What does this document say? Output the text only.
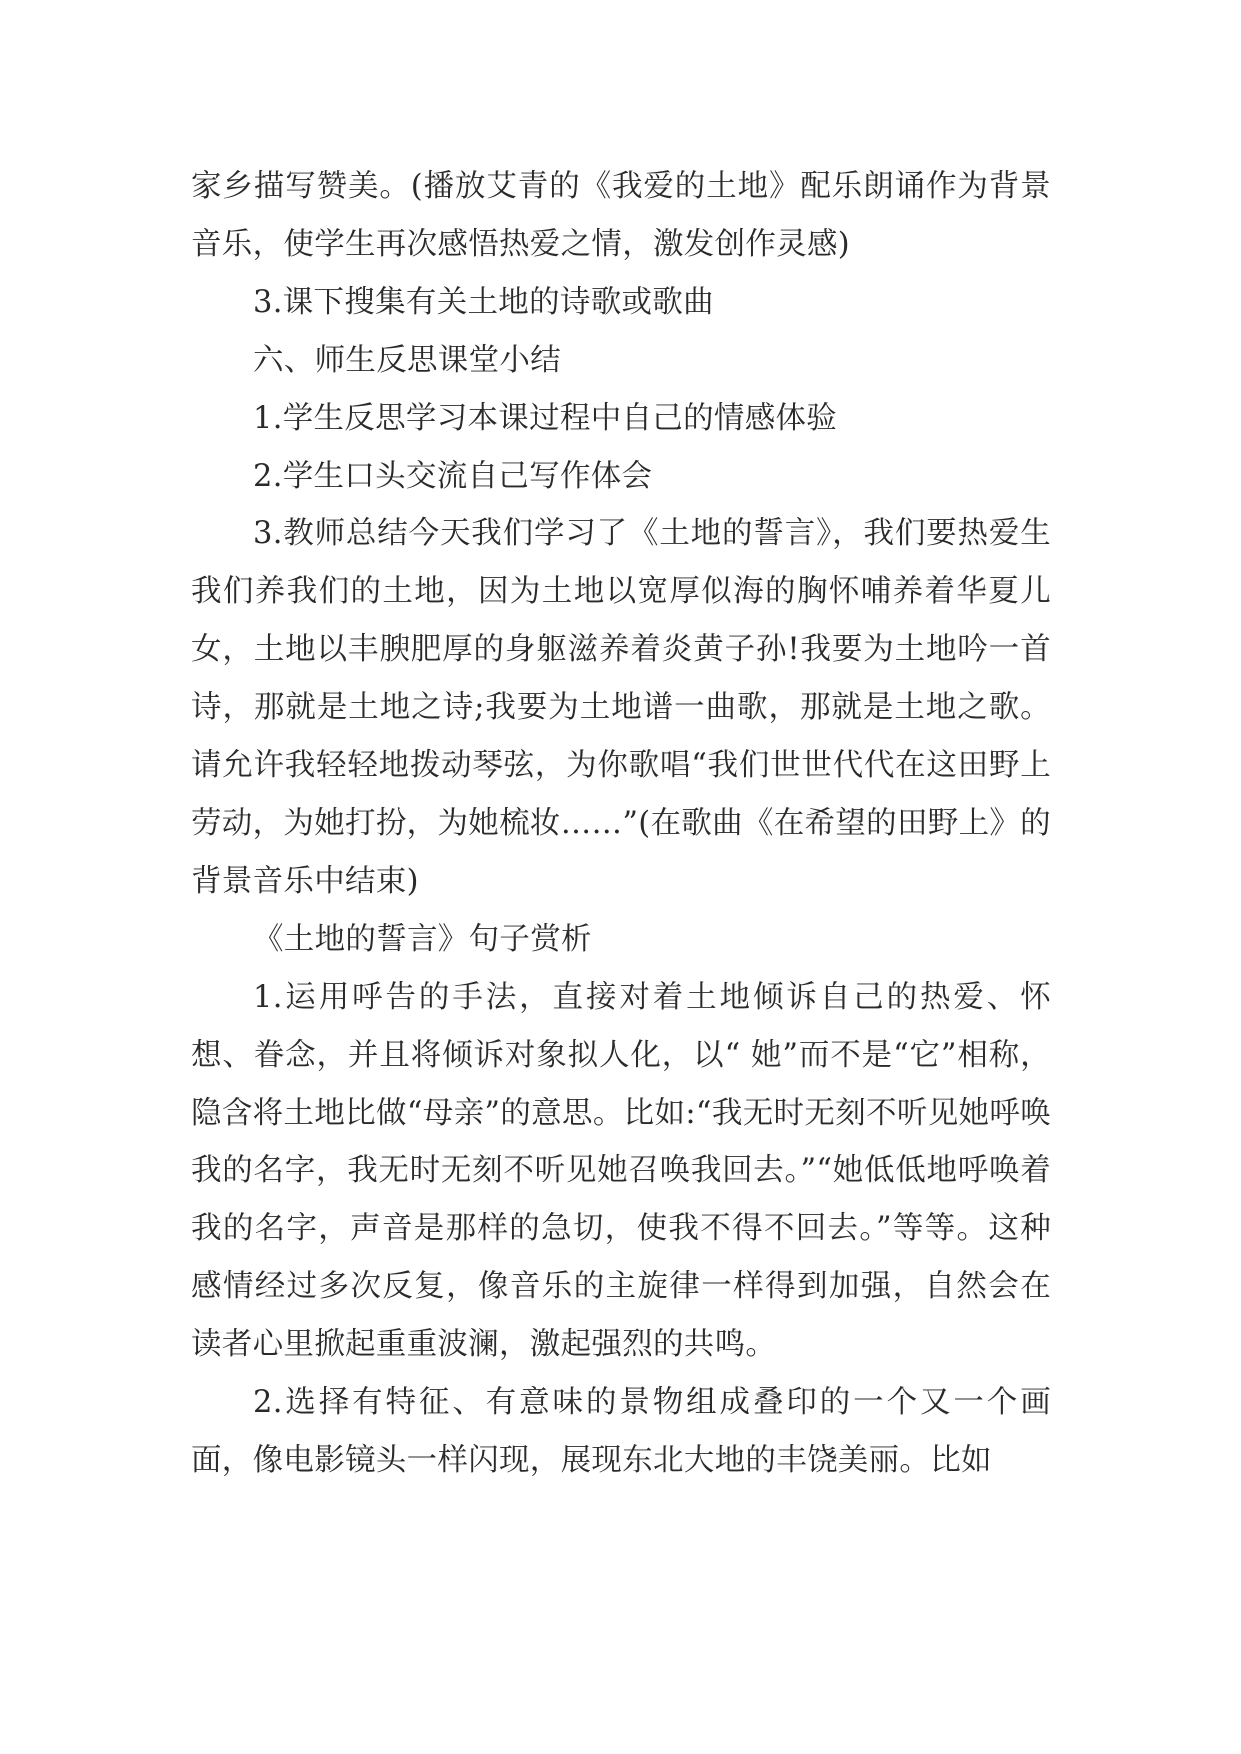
家乡描写赞美。(播放艾青的《我爱的土地》配乐朗诵作为背景音乐，使学生再次感悟热爱之情，激发创作灵感)

3.课下搜集有关土地的诗歌或歌曲

六、师生反思课堂小结

1.学生反思学习本课过程中自己的情感体验

2.学生口头交流自己写作体会

3.教师总结今天我们学习了《土地的誓言》，我们要热爱生我们养我们的土地，因为土地以宽厚似海的胸怀哺养着华夏儿女，土地以丰腴肥厚的身躯滋养着炎黄子孙!我要为土地吟一首诗，那就是土地之诗;我要为土地谱一曲歌，那就是土地之歌。请允许我轻轻地拨动琴弦，为你歌唱“我们世世代代在这田野上劳动，为她打扮，为她梳妆……”(在歌曲《在希望的田野上》的背景音乐中结束)

《土地的誓言》句子赏析

1.运用呼告的手法，直接对着土地倾诉自己的热爱、怀想、眷念，并且将倾诉对象拟人化，以“ 她”而不是“它”相称，隐含将土地比做“母亲”的意思。比如:“我无时无刻不听见她呼唤我的名字，我无时无刻不听见她召唤我回去。”“她低低地呼唤着我的名字，声音是那样的急切，使我不得不回去。”等等。这种感情经过多次反复，像音乐的主旋律一样得到加强，自然会在读者心里掀起重重波澜，激起强烈的共鸣。

2.选择有特征、有意味的景物组成叠印的一个又一个画面，像电影镜头一样闪现，展现东北大地的丰饶美丽。比如
